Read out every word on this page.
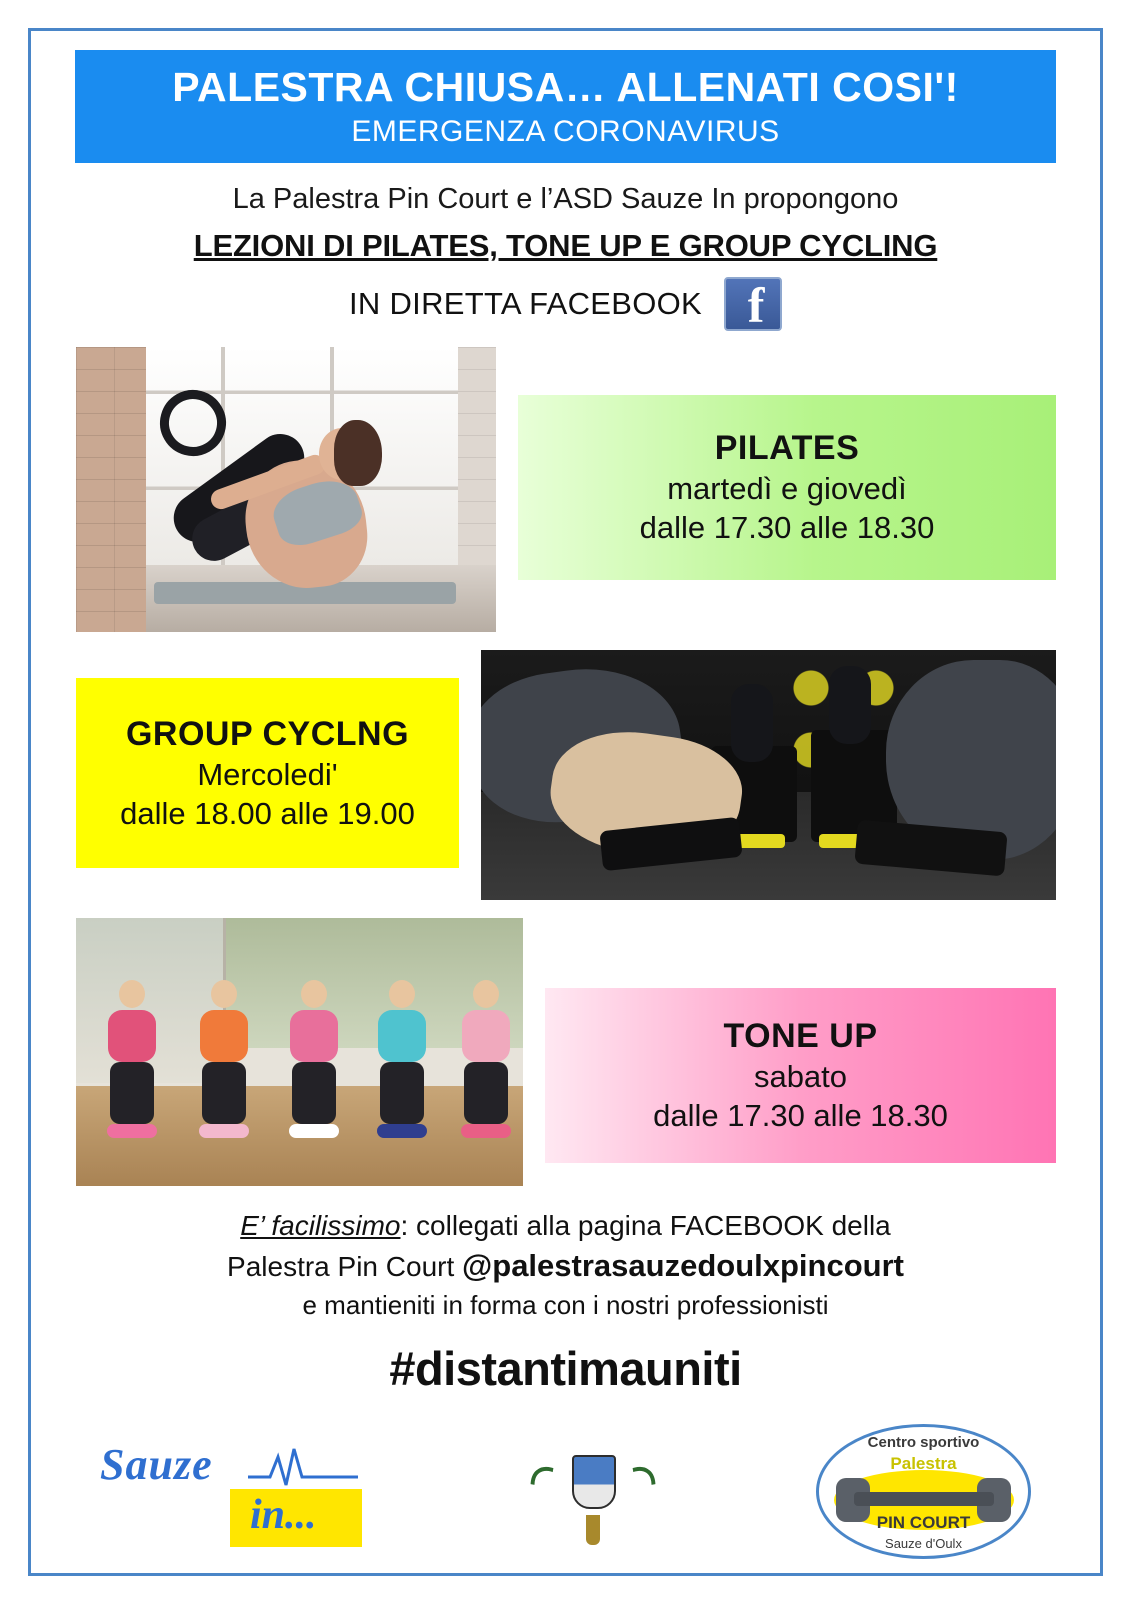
PALESTRA CHIUSA… ALLENATI COSI'!
EMERGENZA CORONAVIRUS
La Palestra Pin Court e l’ASD Sauze In propongono
LEZIONI DI PILATES, TONE UP E GROUP CYCLING
IN DIRETTA FACEBOOK f
PILATES
martedì e giovedì
dalle 17.30 alle 18.30
GROUP CYCLNG
Mercoledi'
dalle 18.00 alle 19.00
TONE UP
sabato
dalle 17.30 alle 18.30
E’ facilissimo: collegati alla pagina FACEBOOK della
Palestra Pin Court @palestrasauzedoulxpincourt
e mantieniti in forma con i nostri professionisti
#distantimauniti
Sauze
in...
Centro sportivo
Palestra
PIN COURT
Sauze d'Oulx
